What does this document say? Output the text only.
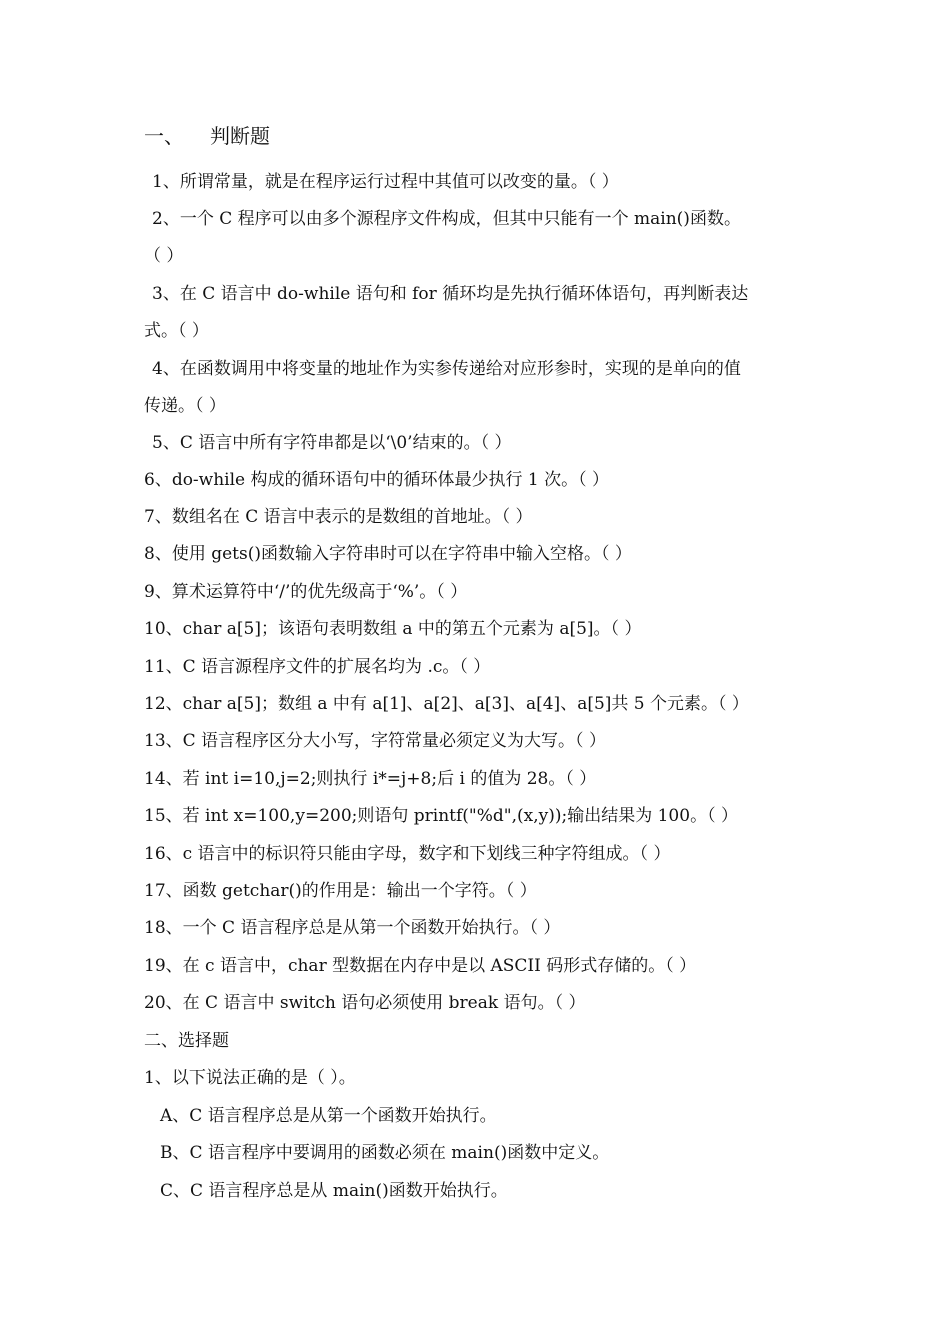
一、 判断题
1、所谓常量，就是在程序运行过程中其值可以改变的量。（ ）
2、一个 C 程序可以由多个源程序文件构成，但其中只能有一个 main()函数。
（ ）
3、在 C 语言中 do-while 语句和 for 循环均是先执行循环体语句，再判断表达
式。（ ）
4、在函数调用中将变量的地址作为实参传递给对应形参时，实现的是单向的值
传递。（ ）
5、C 语言中所有字符串都是以‘\0’结束的。（ ）
6、do-while 构成的循环语句中的循环体最少执行 1 次。（ ）
7、数组名在 C 语言中表示的是数组的首地址。（ ）
8、使用 gets()函数输入字符串时可以在字符串中输入空格。（ ）
9、算术运算符中‘/’的优先级高于‘%’。（ ）
10、char a[5]；该语句表明数组 a 中的第五个元素为 a[5]。（ ）
11、C 语言源程序文件的扩展名均为 .c。（ ）
12、char a[5]；数组 a 中有 a[1]、a[2]、a[3]、a[4]、a[5]共 5 个元素。（ ）
13、C 语言程序区分大小写，字符常量必须定义为大写。（ ）
14、若 int i=10,j=2;则执行 i*=j+8;后 i 的值为 28。（ ）
15、若 int x=100,y=200;则语句 printf("%d",(x,y));输出结果为 100。（ ）
16、c 语言中的标识符只能由字母，数字和下划线三种字符组成。（ ）
17、函数 getchar()的作用是：输出一个字符。（ ）
18、一个 C 语言程序总是从第一个函数开始执行。（ ）
19、在 c 语言中，char 型数据在内存中是以 ASCII 码形式存储的。（ ）
20、在 C 语言中 switch 语句必须使用 break 语句。（ ）
二、选择题
1、以下说法正确的是（ ）。
A、C 语言程序总是从第一个函数开始执行。
B、C 语言程序中要调用的函数必须在 main()函数中定义。
C、C 语言程序总是从 main()函数开始执行。
